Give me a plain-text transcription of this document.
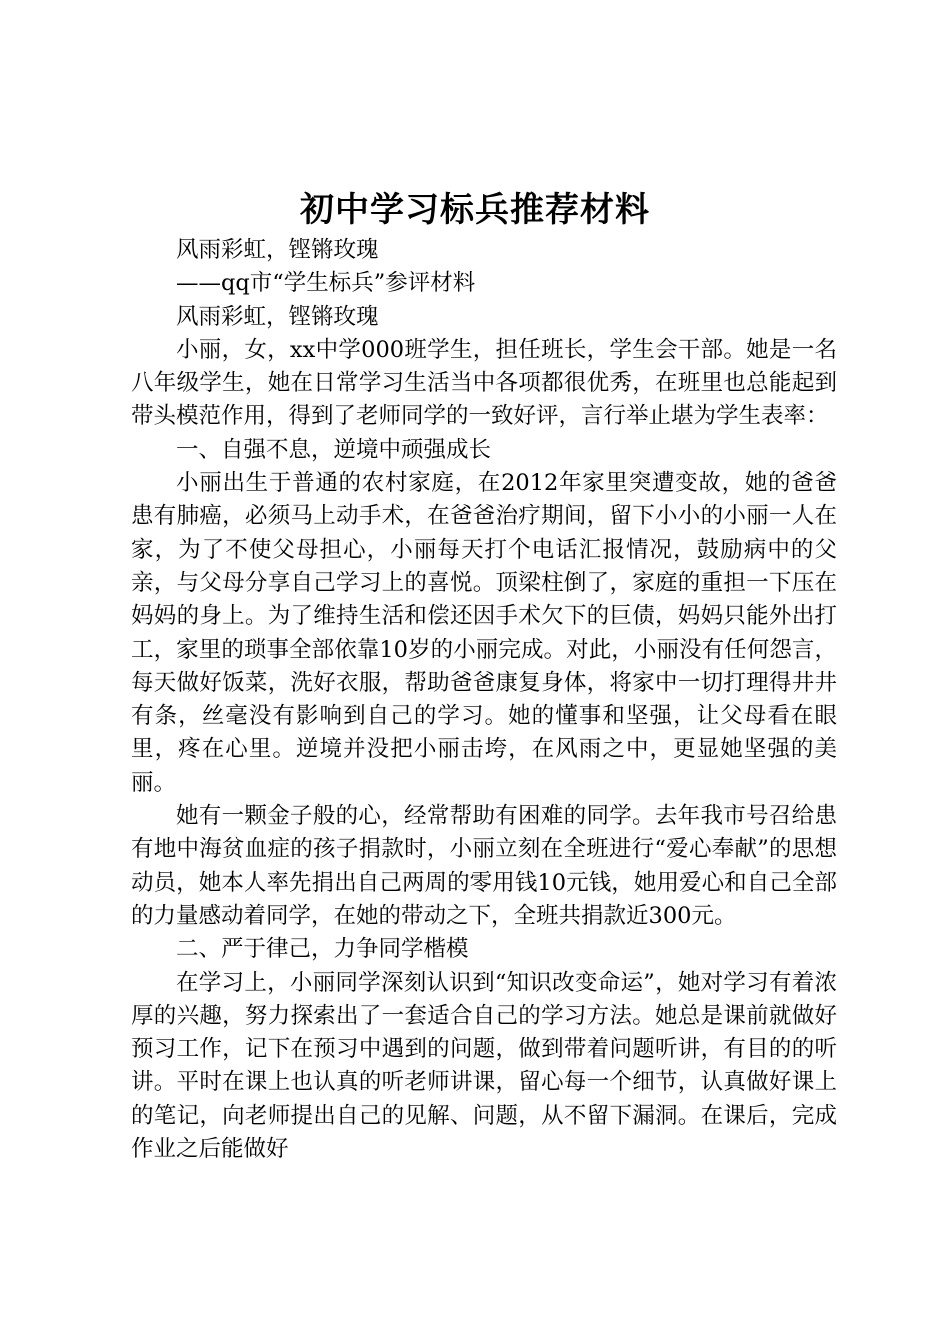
初中学习标兵推荐材料

风雨彩虹，铿锵玫瑰

——qq市“学生标兵”参评材料

风雨彩虹，铿锵玫瑰

小丽，女，xx中学000班学生，担任班长，学生会干部。她是一名八年级学生，她在日常学习生活当中各项都很优秀，在班里也总能起到带头模范作用，得到了老师同学的一致好评，言行举止堪为学生表率：

一、自强不息，逆境中顽强成长

小丽出生于普通的农村家庭，在2012年家里突遭变故，她的爸爸患有肺癌，必须马上动手术，在爸爸治疗期间，留下小小的小丽一人在家，为了不使父母担心，小丽每天打个电话汇报情况，鼓励病中的父亲，与父母分享自己学习上的喜悦。顶梁柱倒了，家庭的重担一下压在妈妈的身上。为了维持生活和偿还因手术欠下的巨债，妈妈只能外出打工，家里的琐事全部依靠10岁的小丽完成。对此，小丽没有任何怨言，每天做好饭菜，洗好衣服，帮助爸爸康复身体，将家中一切打理得井井有条，丝毫没有影响到自己的学习。她的懂事和坚强，让父母看在眼里，疼在心里。逆境并没把小丽击垮，在风雨之中，更显她坚强的美丽。

她有一颗金子般的心，经常帮助有困难的同学。去年我市号召给患有地中海贫血症的孩子捐款时，小丽立刻在全班进行“爱心奉献”的思想动员，她本人率先捐出自己两周的零用钱10元钱，她用爱心和自己全部的力量感动着同学，在她的带动之下，全班共捐款近300元。

二、严于律己，力争同学楷模

在学习上，小丽同学深刻认识到“知识改变命运”，她对学习有着浓厚的兴趣，努力探索出了一套适合自己的学习方法。她总是课前就做好预习工作，记下在预习中遇到的问题，做到带着问题听讲，有目的的听讲。平时在课上也认真的听老师讲课，留心每一个细节，认真做好课上的笔记，向老师提出自己的见解、问题，从不留下漏洞。在课后，完成作业之后能做好
